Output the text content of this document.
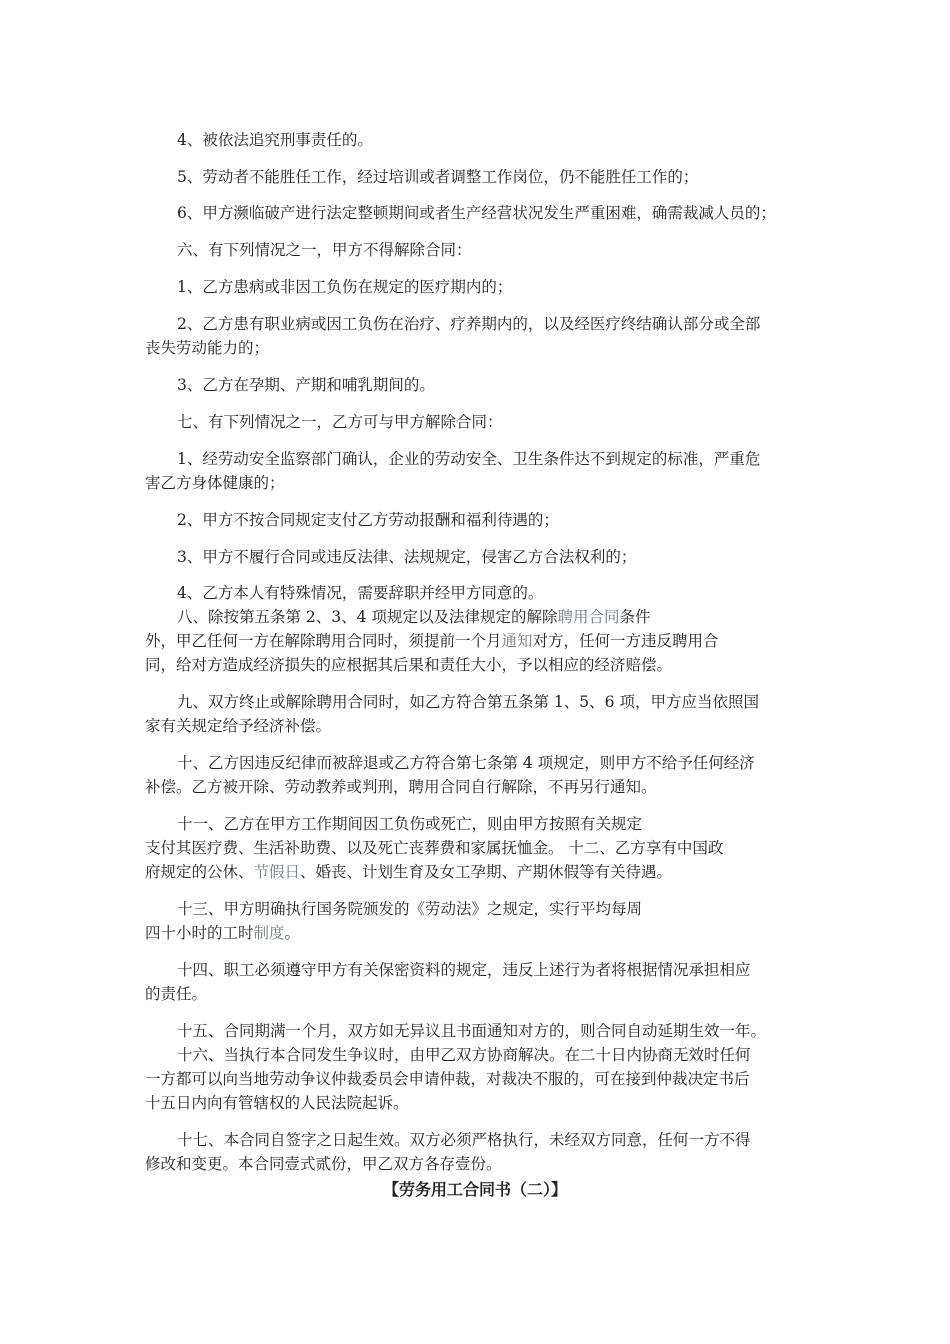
4、被依法追究刑事责任的。

5、劳动者不能胜任工作，经过培训或者调整工作岗位，仍不能胜任工作的；

6、甲方濒临破产进行法定整顿期间或者生产经营状况发生严重困难，确需裁减人员的；

六、有下列情况之一，甲方不得解除合同：

1、乙方患病或非因工负伤在规定的医疗期内的；

2、乙方患有职业病或因工负伤在治疗、疗养期内的，以及经医疗终结确认部分或全部

丧失劳动能力的；

3、乙方在孕期、产期和哺乳期间的。

七、有下列情况之一，乙方可与甲方解除合同：

1、经劳动安全监察部门确认，企业的劳动安全、卫生条件达不到规定的标准，严重危

害乙方身体健康的；

2、甲方不按合同规定支付乙方劳动报酬和福利待遇的；

3、甲方不履行合同或违反法律、法规规定，侵害乙方合法权利的；

4、乙方本人有特殊情况，需要辞职并经甲方同意的。

八、除按第五条第 2、3、4 项规定以及法律规定的解除聘用合同条件

外，甲乙任何一方在解除聘用合同时，须提前一个月通知对方，任何一方违反聘用合

同，给对方造成经济损失的应根据其后果和责任大小，予以相应的经济赔偿。

九、双方终止或解除聘用合同时，如乙方符合第五条第 1、5、6 项，甲方应当依照国

家有关规定给予经济补偿。

十、乙方因违反纪律而被辞退或乙方符合第七条第 4 项规定，则甲方不给予任何经济

补偿。乙方被开除、劳动教养或判刑，聘用合同自行解除，不再另行通知。

十一、乙方在甲方工作期间因工负伤或死亡，则由甲方按照有关规定

支付其医疗费、生活补助费、以及死亡丧葬费和家属抚恤金。 十二、乙方享有中国政

府规定的公休、节假日、婚丧、计划生育及女工孕期、产期休假等有关待遇。

十三、甲方明确执行国务院颁发的《劳动法》之规定，实行平均每周

四十小时的工时制度。

十四、职工必须遵守甲方有关保密资料的规定，违反上述行为者将根据情况承担相应

的责任。

十五、合同期满一个月，双方如无异议且书面通知对方的，则合同自动延期生效一年。

十六、当执行本合同发生争议时，由甲乙双方协商解决。在二十日内协商无效时任何

一方都可以向当地劳动争议仲裁委员会申请仲裁，对裁决不服的，可在接到仲裁决定书后

十五日内向有管辖权的人民法院起诉。

十七、本合同自签字之日起生效。双方必须严格执行，未经双方同意，任何一方不得

修改和变更。本合同壹式贰份，甲乙双方各存壹份。

【劳务用工合同书（二）】
